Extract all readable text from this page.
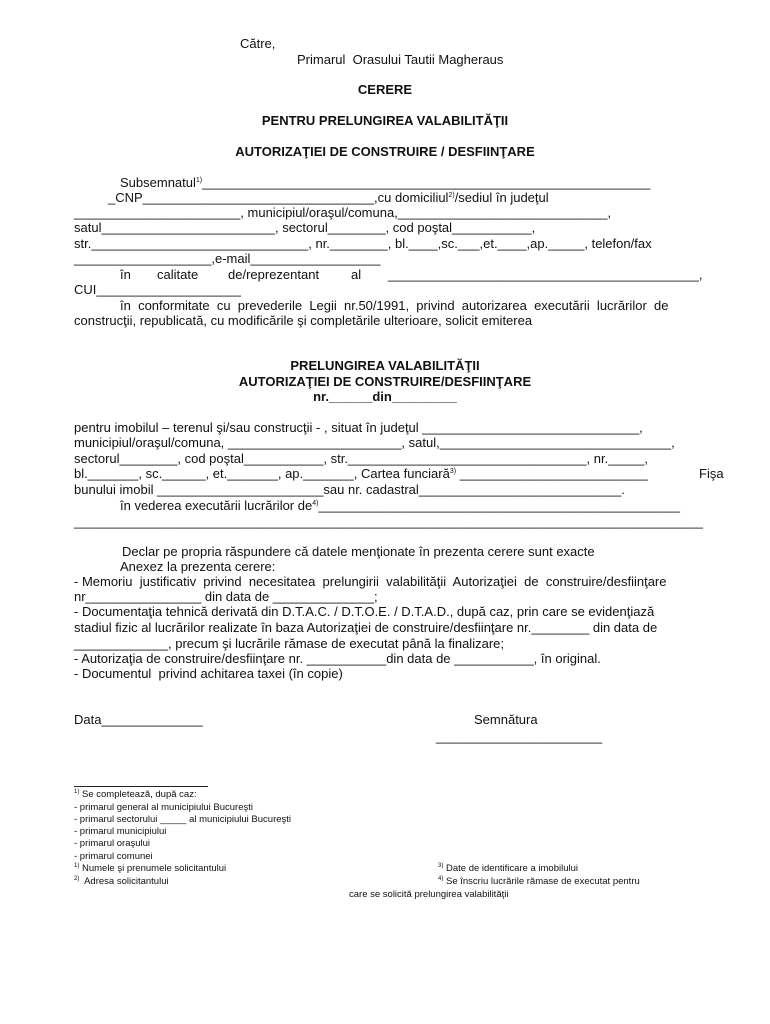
Către,
Primarul  Orasului Tautii Magheraus
CERERE
PENTRU PRELUNGIREA VALABILITĂŢII
AUTORIZAŢIEI DE CONSTRUIRE / DESFIINŢARE
Subsemnatul$^{1)}$______________________________________________________________
_CNP________________________________,cu domiciliul$^{2)}$/sediul în judeţul
_______________________, municipiul/oraşul/comuna,_____________________________,
satul________________________, sectorul________, cod poştal___________,
str.______________________________, nr.________, bl.____,sc.___,et.____,ap._____, telefon/fax
___________________,e-mail__________________
în calitate de/reprezentant al ___________________________________________,
CUI____________________
în  conformitate  cu  prevederile  Legii  nr.50/1991,  privind  autorizarea  executării  lucrărilor  de
construcţii, republicată, cu modificările şi completările ulterioare, solicit emiterea
PRELUNGIREA VALABILITĂŢII
AUTORIZAŢIEI DE CONSTRUIRE/DESFIINŢARE
nr.______din_________
pentru imobilul – terenul şi/sau construcţii - , situat în judeţul ______________________________,
municipiul/oraşul/comuna, ________________________, satul,________________________________,
sectorul________, cod poştal___________, str._________________________________, nr._____,
bl._______, sc.______, et._______, ap._______, Cartea funciară$^{3)}$ __________________________	Fişa
bunului imobil _______________________sau nr. cadastral____________________________.
în vederea executării lucrărilor $de^{4)}\_\_\_\_\_\_\_\_\_\_\_\_\_\_\_\_\_\_\_\_\_\_\_\_\_\_\_\_\_\_\_\_\_\_\_\_\_\_\_\_\_\_\_\_\_\_\_\_\_\_$
_______________________________________________________________________________________
Declar pe propria răspundere că datele menţionate în prezenta cerere sunt exacte
Anexez la prezenta cerere:
- Memoriu  justificativ  privind  necesitatea  prelungirii  valabilităţii  Autorizaţiei  de  construire/desfiinţare
nr________________ din data de ______________;
- Documentaţia tehnică derivată din D.T.A.C. / D.T.O.E. / D.T.A.D., după caz, prin care se evidenţiază
stadiul fizic al lucrărilor realizate în baza Autorizaţiei de construire/desfiinţare nr.________ din data de
_____________, precum şi lucrările rămase de executat până la finalizare;
- Autorizaţia de construire/desfiinţare nr. ___________din data de ___________, în original.
- Documentul  privind achitarea taxei (în copie)
Data______________	Semnătura
_______________________
$^{1)}$ Se completează, după caz:
- primarul general al municipiului Bucureşti
- primarul sectorului _____ al municipiului Bucureşti
- primarul municipiului
- primarul oraşului
- primarul comunei
$^{1)}$ Numele şi prenumele solicitantului
$^{2)}$  Adresa solicitantului
$^{3)}$ Date de identificare a imobilului
$^{4)}$ Se înscriu lucrările rămase de executat pentru
care se solicită prelungirea valabilităţii
